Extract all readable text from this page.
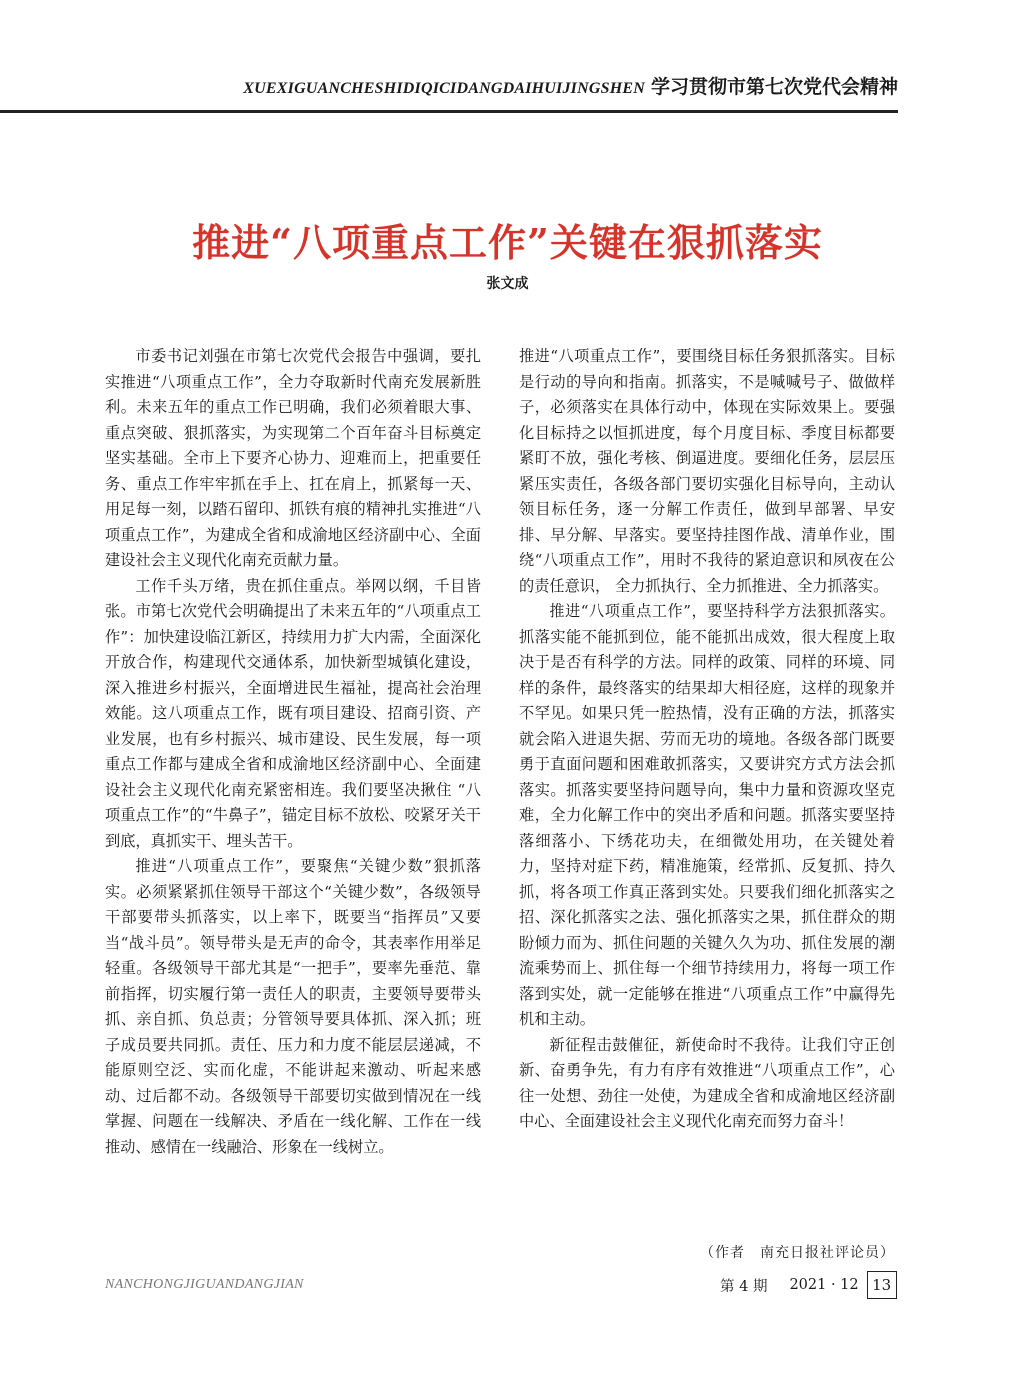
XUEXIGUANCHESHIDIQICIDANGDAIHUIJINGSHEN 学习贯彻市第七次党代会精神
推进“八项重点工作”关键在狠抓落实
张文成

市委书记刘强在市第七次党代会报告中强调，要扎实推进“八项重点工作”，全力夺取新时代南充发展新胜利。未来五年的重点工作已明确，我们必须着眼大事、重点突破、狠抓落实，为实现第二个百年奋斗目标奠定坚实基础。全市上下要齐心协力、迎难而上，把重要任务、重点工作牢牢抓在手上、扛在肩上，抓紧每一天、用足每一刻，以踏石留印、抓铁有痕的精神扎实推进“八项重点工作”，为建成全省和成渝地区经济副中心、全面建设社会主义现代化南充贡献力量。

工作千头万绪，贵在抓住重点。举网以纲，千目皆张。市第七次党代会明确提出了未来五年的“八项重点工作”：加快建设临江新区，持续用力扩大内需，全面深化开放合作，构建现代交通体系，加快新型城镇化建设，深入推进乡村振兴，全面增进民生福祉，提高社会治理效能。这八项重点工作，既有项目建设、招商引资、产业发展，也有乡村振兴、城市建设、民生发展，每一项重点工作都与建成全省和成渝地区经济副中心、全面建设社会主义现代化南充紧密相连。我们要坚决揪住 “八项重点工作”的“牛鼻子”，锚定目标不放松、咬紧牙关干到底，真抓实干、埋头苦干。

推进“八项重点工作”，要聚焦“关键少数”狠抓落实。必须紧紧抓住领导干部这个“关键少数”，各级领导干部要带头抓落实，以上率下，既要当“指挥员”又要当“战斗员”。领导带头是无声的命令，其表率作用举足轻重。各级领导干部尤其是“一把手”，要率先垂范、靠前指挥，切实履行第一责任人的职责，主要领导要带头抓、亲自抓、负总责；分管领导要具体抓、深入抓；班子成员要共同抓。责任、压力和力度不能层层递减，不能原则空泛、实而化虚，不能讲起来激动、听起来感动、过后都不动。各级领导干部要切实做到情况在一线掌握、问题在一线解决、矛盾在一线化解、工作在一线推动、感情在一线融洽、形象在一线树立。

推进“八项重点工作”，要围绕目标任务狠抓落实。目标是行动的导向和指南。抓落实，不是喊喊号子、做做样子，必须落实在具体行动中，体现在实际效果上。要强化目标持之以恒抓进度，每个月度目标、季度目标都要紧盯不放，强化考核、倒逼进度。要细化任务，层层压紧压实责任，各级各部门要切实强化目标导向，主动认领目标任务，逐一分解工作责任，做到早部署、早安排、早分解、早落实。要坚持挂图作战、清单作业，围绕“八项重点工作”，用时不我待的紧迫意识和夙夜在公的责任意识， 全力抓执行、全力抓推进、全力抓落实。

推进“八项重点工作”，要坚持科学方法狠抓落实。抓落实能不能抓到位，能不能抓出成效，很大程度上取决于是否有科学的方法。同样的政策、同样的环境、同样的条件，最终落实的结果却大相径庭，这样的现象并不罕见。如果只凭一腔热情，没有正确的方法，抓落实就会陷入进退失据、劳而无功的境地。各级各部门既要勇于直面问题和困难敢抓落实，又要讲究方式方法会抓落实。抓落实要坚持问题导向，集中力量和资源攻坚克难，全力化解工作中的突出矛盾和问题。抓落实要坚持落细落小、下绣花功夫，在细微处用功，在关键处着力，坚持对症下药，精准施策，经常抓、反复抓、持久抓，将各项工作真正落到实处。只要我们细化抓落实之招、深化抓落实之法、强化抓落实之果，抓住群众的期盼倾力而为、抓住问题的关键久久为功、抓住发展的潮流乘势而上、抓住每一个细节持续用力，将每一项工作落到实处，就一定能够在推进“八项重点工作”中赢得先机和主动。

新征程击鼓催征，新使命时不我待。让我们守正创新、奋勇争先，有力有序有效推进“八项重点工作”，心往一处想、劲往一处使，为建成全省和成渝地区经济副中心、全面建设社会主义现代化南充而努力奋斗！

（作者　南充日报社评论员）
NANCHONGJIGUANDANGJIAN	第 4 期 2021 · 12 13
